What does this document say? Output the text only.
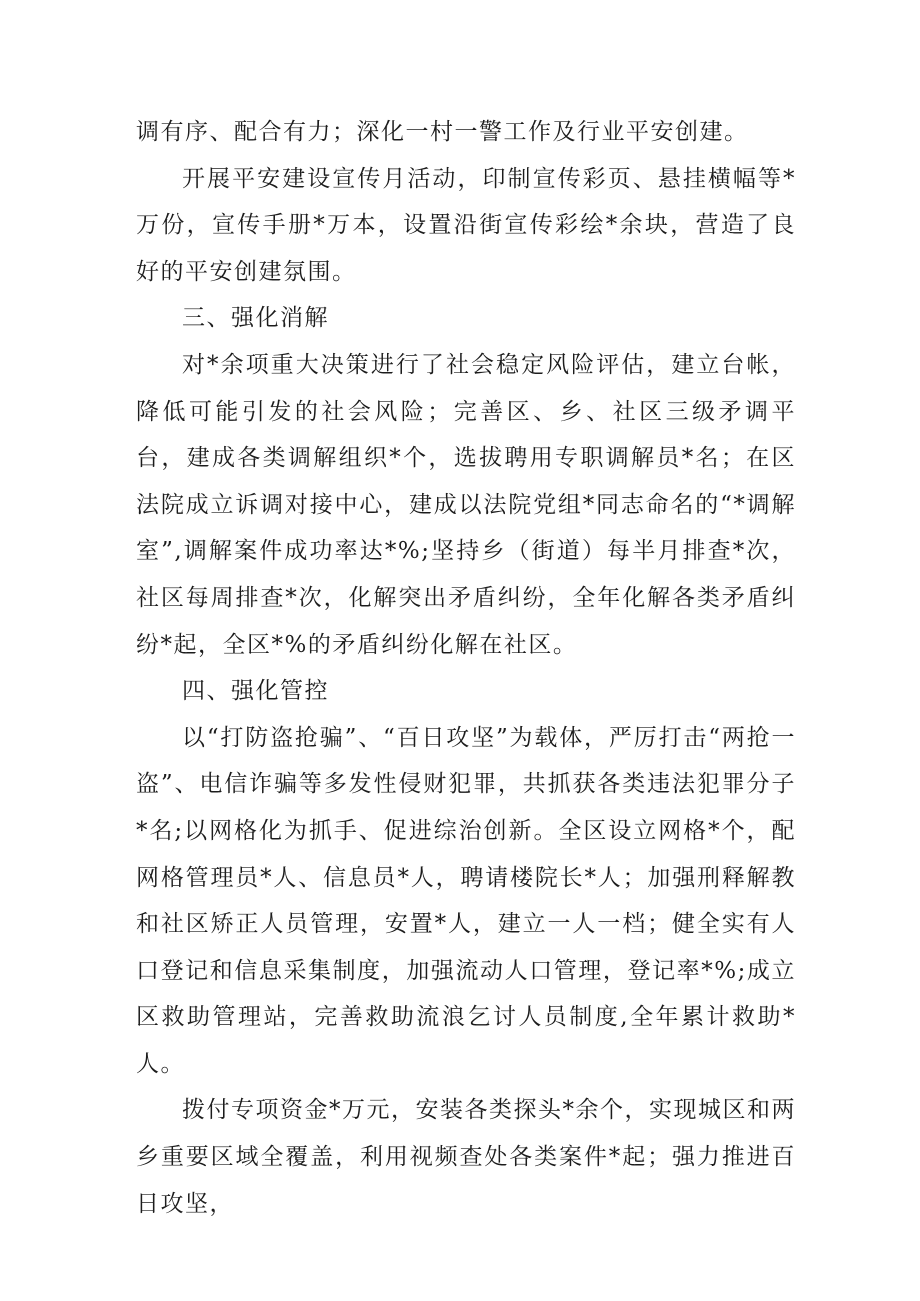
调有序、配合有力；深化一村一警工作及行业平安创建。

开展平安建设宣传月活动，印制宣传彩页、悬挂横幅等*万份，宣传手册*万本，设置沿街宣传彩绘*余块，营造了良好的平安创建氛围。

三、强化消解

对*余项重大决策进行了社会稳定风险评估，建立台帐，降低可能引发的社会风险；完善区、乡、社区三级矛调平台，建成各类调解组织*个，选拔聘用专职调解员*名；在区法院成立诉调对接中心，建成以法院党组*同志命名的“*调解室”,调解案件成功率达*%;坚持乡（街道）每半月排查*次，社区每周排查*次，化解突出矛盾纠纷，全年化解各类矛盾纠纷*起，全区*%的矛盾纠纷化解在社区。

四、强化管控

以“打防盗抢骗”、“百日攻坚”为载体，严厉打击“两抢一盗”、电信诈骗等多发性侵财犯罪，共抓获各类违法犯罪分子*名;以网格化为抓手、促进综治创新。全区设立网格*个，配网格管理员*人、信息员*人，聘请楼院长*人；加强刑释解教和社区矫正人员管理，安置*人，建立一人一档；健全实有人口登记和信息采集制度，加强流动人口管理，登记率*%;成立区救助管理站，完善救助流浪乞讨人员制度,全年累计救助*人。

拨付专项资金*万元，安装各类探头*余个，实现城区和两乡重要区域全覆盖，利用视频查处各类案件*起；强力推进百日攻坚，
